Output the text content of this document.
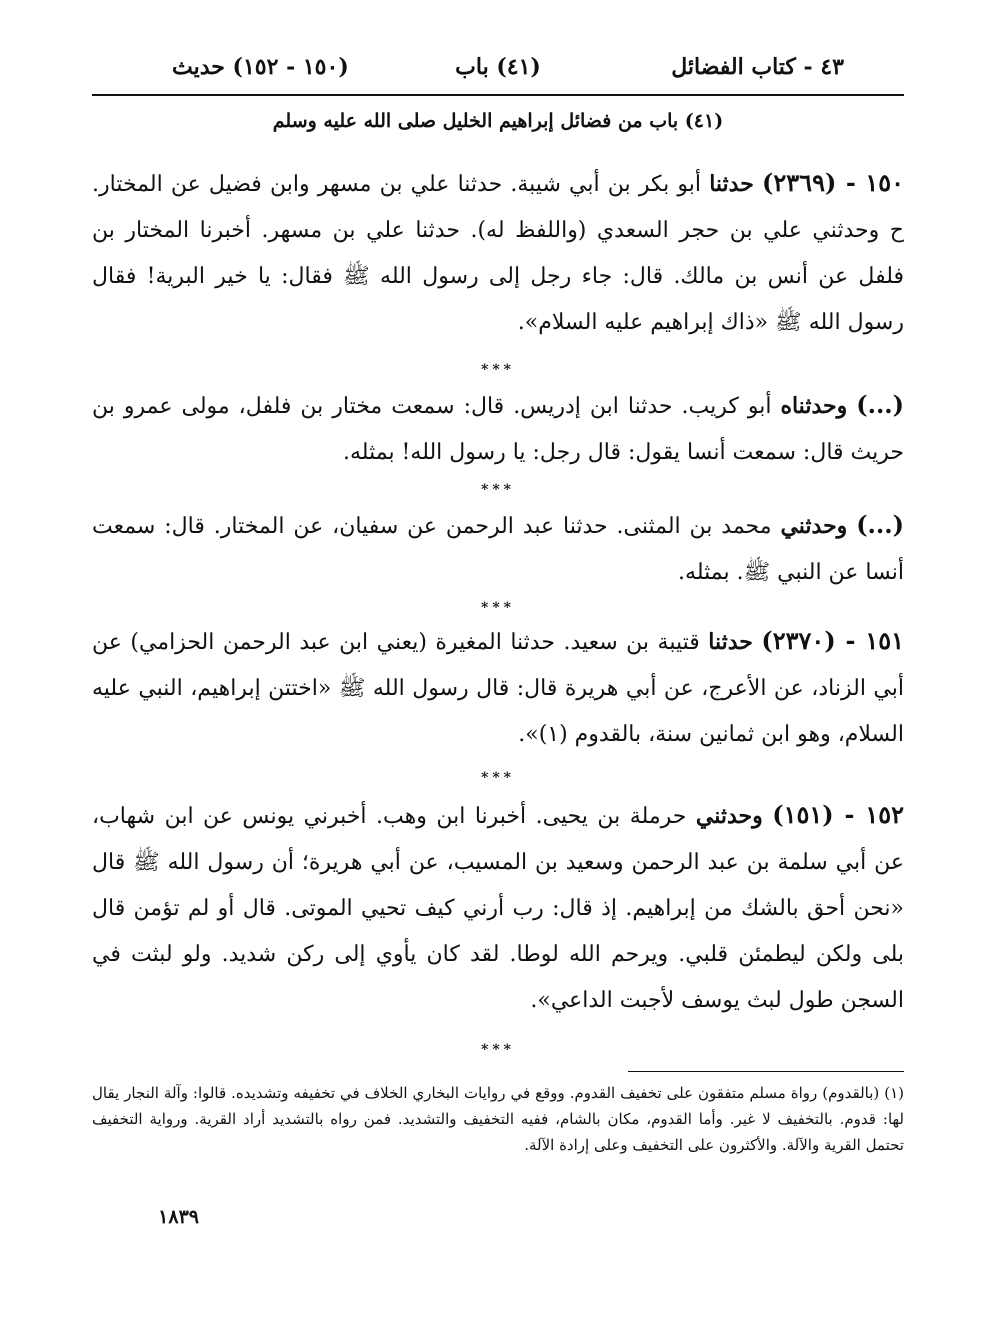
٤٣ - كتاب الفضائل
(٤١) باب
(١٥٠ - ١٥٢) حديث
(٤١) باب من فضائل إبراهيم الخليل صلى الله عليه وسلم
١٥٠ - (٢٣٦٩) حدثنا أبو بكر بن أبي شيبة. حدثنا علي بن مسهر وابن فضيل عن المختار. ح وحدثني علي بن حجر السعدي (واللفظ له). حدثنا علي بن مسهر. أخبرنا المختار بن فلفل عن أنس بن مالك. قال: جاء رجل إلى رسول الله ﷺ فقال: يا خير البرية! فقال رسول الله ﷺ «ذاك إبراهيم عليه السلام».
***
(...) وحدثناه أبو كريب. حدثنا ابن إدريس. قال: سمعت مختار بن فلفل، مولى عمرو بن حريث قال: سمعت أنسا يقول: قال رجل: يا رسول الله! بمثله.
***
(...) وحدثني محمد بن المثنى. حدثنا عبد الرحمن عن سفيان، عن المختار. قال: سمعت أنسا عن النبي ﷺ. بمثله.
***
١٥١ - (٢٣٧٠) حدثنا قتيبة بن سعيد. حدثنا المغيرة (يعني ابن عبد الرحمن الحزامي) عن أبي الزناد، عن الأعرج، عن أبي هريرة قال: قال رسول الله ﷺ «اختتن إبراهيم، النبي عليه السلام، وهو ابن ثمانين سنة، بالقدوم (١)».
***
١٥٢ - (١٥١) وحدثني حرملة بن يحيى. أخبرنا ابن وهب. أخبرني يونس عن ابن شهاب، عن أبي سلمة بن عبد الرحمن وسعيد بن المسيب، عن أبي هريرة؛ أن رسول الله ﷺ قال «نحن أحق بالشك من إبراهيم. إذ قال: رب أرني كيف تحيي الموتى. قال أو لم تؤمن قال بلى ولكن ليطمئن قلبي. ويرحم الله لوطا. لقد كان يأوي إلى ركن شديد. ولو لبثت في السجن طول لبث يوسف لأجبت الداعي».
***
(١) (بالقدوم) رواة مسلم متفقون على تخفيف القدوم. ووقع في روايات البخاري الخلاف في تخفيفه وتشديده. قالوا: وآلة النجار يقال لها: قدوم. بالتخفيف لا غير. وأما القدوم، مكان بالشام، ففيه التخفيف والتشديد. فمن رواه بالتشديد أراد القرية. ورواية التخفيف تحتمل القرية والآلة. والأكثرون على التخفيف وعلى إرادة الآلة.
١٨٣٩
